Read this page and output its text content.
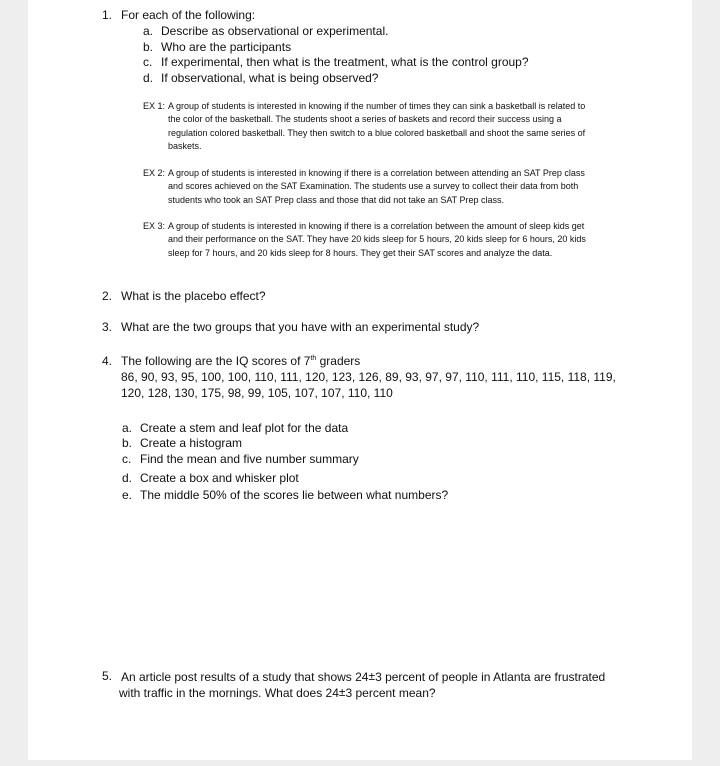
1. For each of the following:
a. Describe as observational or experimental.
b. Who are the participants
c. If experimental, then what is the treatment, what is the control group?
d. If observational, what is being observed?
EX 1: A group of students is interested in knowing if the number of times they can sink a basketball is related to
the color of the basketball. The students shoot a series of baskets and record their success using a
regulation colored basketball. They then switch to a blue colored basketball and shoot the same series of
baskets.
EX 2: A group of students is interested in knowing if there is a correlation between attending an SAT Prep class
and scores achieved on the SAT Examination. The students use a survey to collect their data from both
students who took an SAT Prep class and those that did not take an SAT Prep class.
EX 3: A group of students is interested in knowing if there is a correlation between the amount of sleep kids get
and their performance on the SAT. They have 20 kids sleep for 5 hours, 20 kids sleep for 6 hours, 20 kids
sleep for 7 hours, and 20 kids sleep for 8 hours. They get their SAT scores and analyze the data.
2. What is the placebo effect?
3. What are the two groups that you have with an experimental study?
4. The following are the IQ scores of 7th graders
86, 90, 93, 95, 100, 100, 110, 111, 120, 123, 126, 89, 93, 97, 97, 110, 111, 110, 115, 118, 119,
120, 128, 130, 175, 98, 99, 105, 107, 107, 110, 110
a. Create a stem and leaf plot for the data
b. Create a histogram
c. Find the mean and five number summary
d. Create a box and whisker plot
e. The middle 50% of the scores lie between what numbers?
5. An article post results of a study that shows 24±3 percent of people in Atlanta are frustrated
with traffic in the mornings. What does 24±3 percent mean?
